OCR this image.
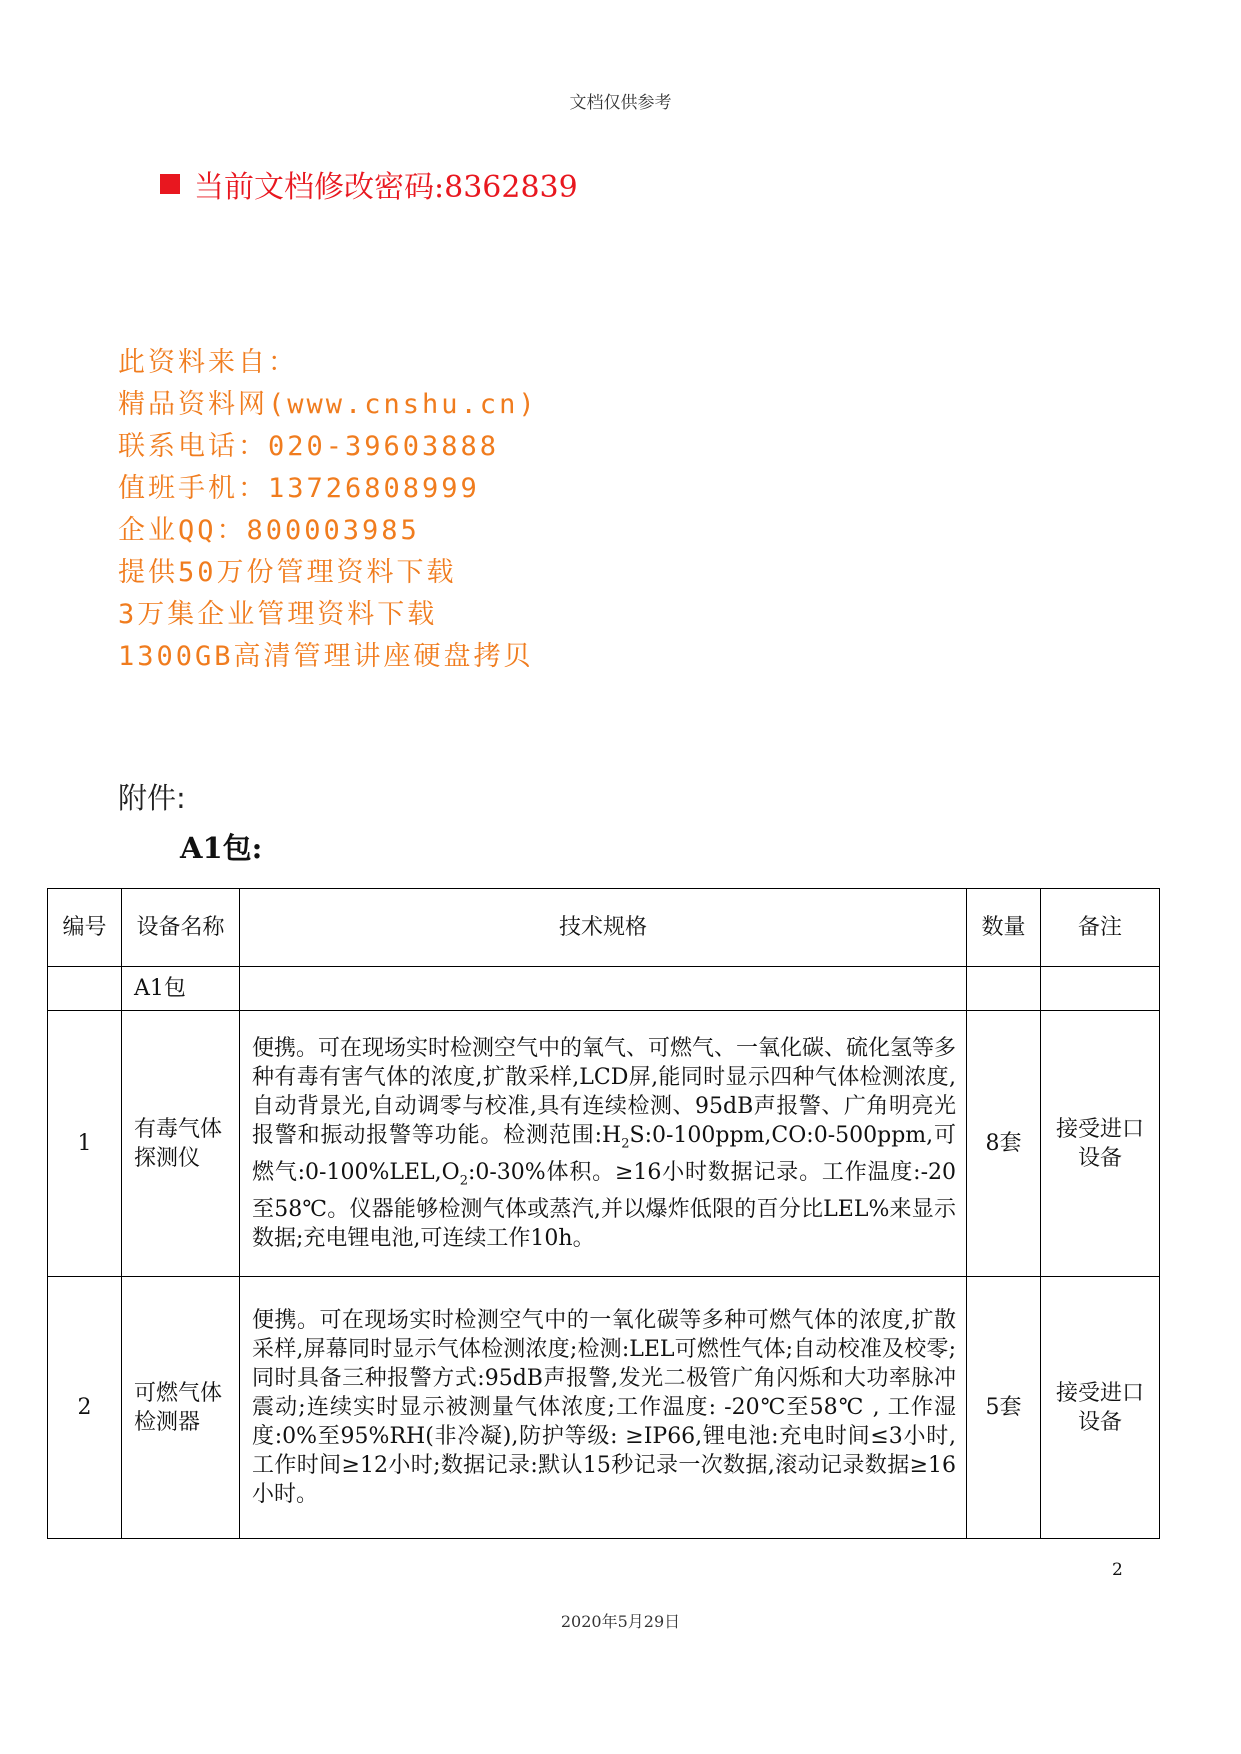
文档仅供参考
当前文档修改密码:8362839
此资料来自：
精品资料网(www.cnshu.cn)
联系电话：020-39603888
值班手机：13726808999
企业QQ：800003985
提供50万份管理资料下载
3万集企业管理资料下载
1300GB高清管理讲座硬盘拷贝
附件:
A1包:
编号	设备名称	技术规格	数量	备注
	A1包			
1	有毒气体探测仪	便携。可在现场实时检测空气中的氧气、可燃气、一氧化碳、硫化氢等多种有毒有害气体的浓度,扩散采样,LCD屏,能同时显示四种气体检测浓度,自动背景光,自动调零与校准,具有连续检测、95dB声报警、广角明亮光报警和振动报警等功能。检测范围$:H_2S:0-100ppm,CO:0-500ppm$,可燃气$:0-100\%LEL,O_2:0-30\%$体积。≥16小时数据记录。工作温度:-20至58℃。仪器能够检测气体或蒸汽,并以爆炸低限的百分比LEL%来显示数据;充电锂电池,可连续工作10h。	8套	接受进口设备
2	可燃气体检测器	便携。可在现场实时检测空气中的一氧化碳等多种可燃气体的浓度,扩散采样,屏幕同时显示气体检测浓度;检测:LEL可燃性气体;自动校准及校零;同时具备三种报警方式:95dB声报警,发光二极管广角闪烁和大功率脉冲震动;连续实时显示被测量气体浓度;工作温度: -20℃至58℃ , 工作湿度:0%至95%RH(非冷凝),防护等级: ≥IP66,锂电池:充电时间≤3小时,工作时间≥12小时;数据记录:默认15秒记录一次数据,滚动记录数据≥16小时。	5套	接受进口设备
2
2020年5月29日
